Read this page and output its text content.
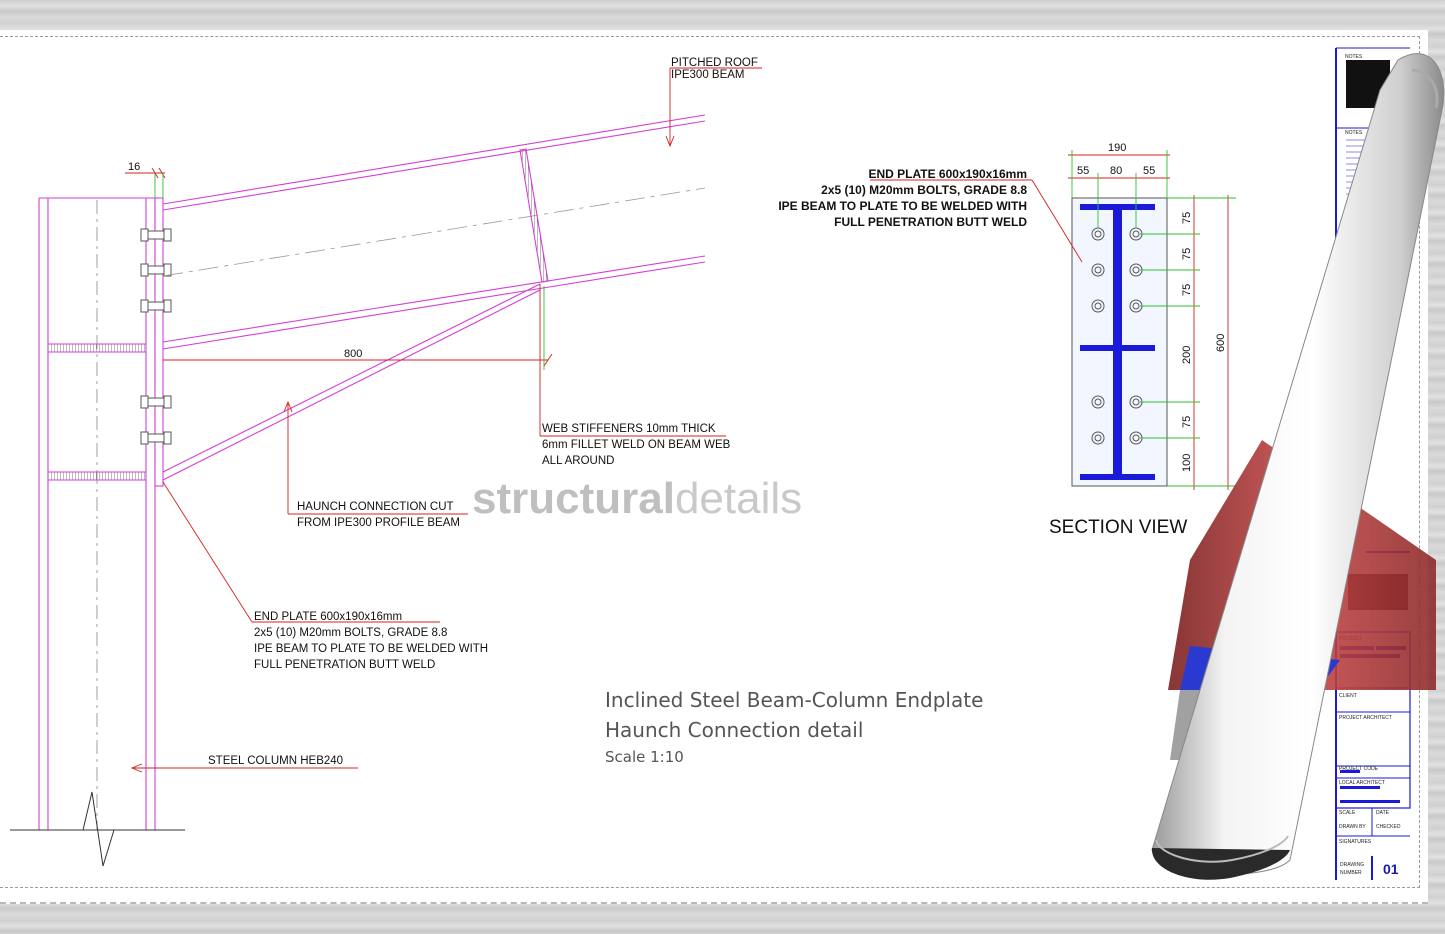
16
800
PITCHED ROOF
IPE300 BEAM
WEB STIFFENERS 10mm THICK
6mm FILLET WELD ON BEAM WEB
ALL AROUND
HAUNCH CONNECTION CUT
FROM IPE300 PROFILE BEAM
END PLATE 600x190x16mm
2x5 (10) M20mm BOLTS, GRADE 8.8
IPE BEAM TO PLATE TO BE WELDED WITH
FULL PENETRATION BUTT WELD
STEEL COLUMN HEB240
structuraldetails
Inclined Steel Beam-Column Endplate
Haunch Connection detail
Scale 1:10
190
55 80 55
75
75
75
200
75
100
600
END PLATE 600x190x16mm
2x5 (10) M20mm BOLTS, GRADE 8.8
IPE BEAM TO PLATE TO BE WELDED WITH
FULL PENETRATION BUTT WELD
SECTION VIEW
NOTES
NOTES
CLIENT
PROJECT ARCHITECT
PROJECT CODE
LOCAL ARCHITECT
SCALE	DATE
DRAWN BY CHECKED
SIGNATURES
DRAWING
NUMBER 01
